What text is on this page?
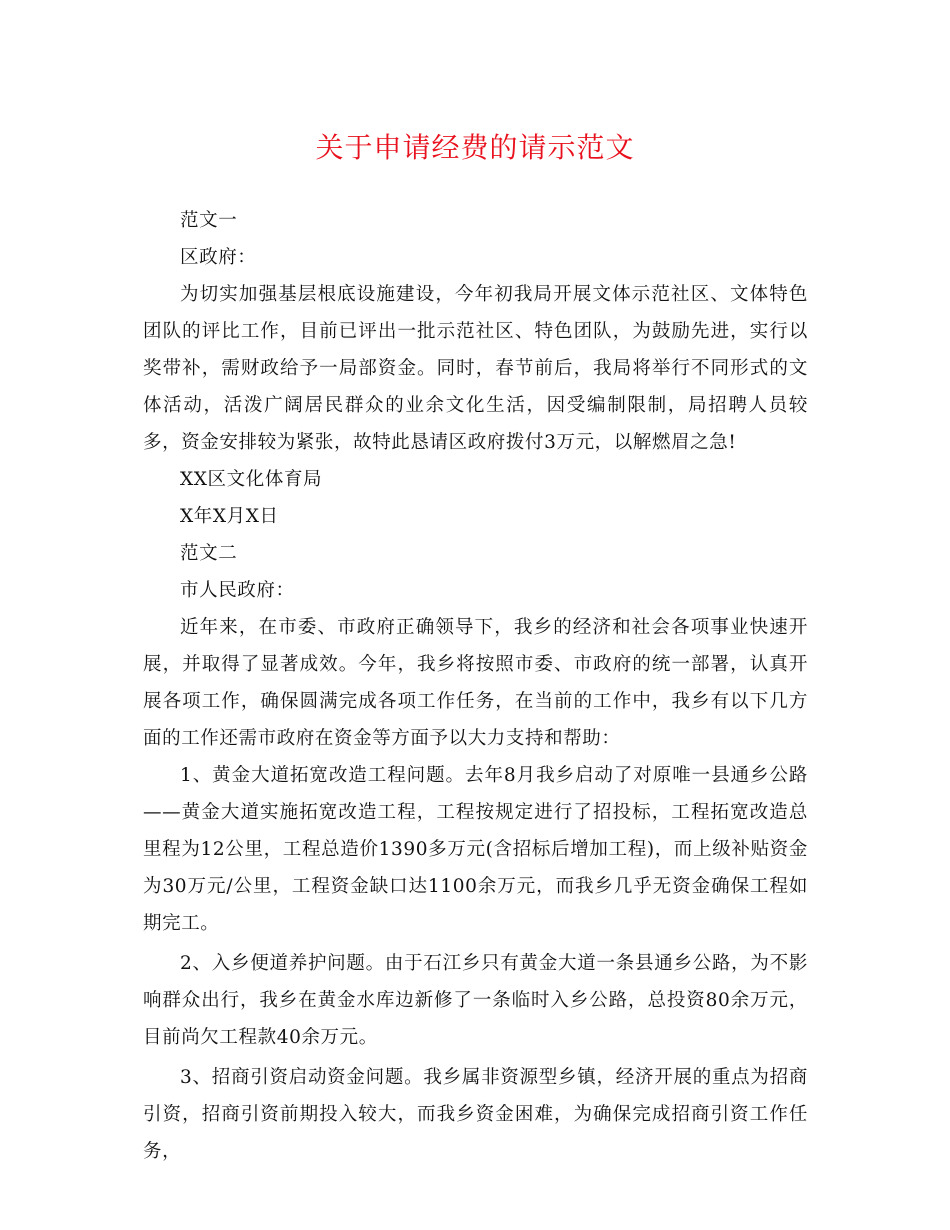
关于申请经费的请示范文

范文一

区政府：

为切实加强基层根底设施建设，今年初我局开展文体示范社区、文体特色团队的评比工作，目前已评出一批示范社区、特色团队，为鼓励先进，实行以奖带补，需财政给予一局部资金。同时，春节前后，我局将举行不同形式的文体活动，活泼广阔居民群众的业余文化生活，因受编制限制，局招聘人员较多，资金安排较为紧张，故特此恳请区政府拨付3万元，以解燃眉之急!

XX区文化体育局

X年X月X日

范文二

市人民政府：

近年来，在市委、市政府正确领导下，我乡的经济和社会各项事业快速开展，并取得了显著成效。今年，我乡将按照市委、市政府的统一部署，认真开展各项工作，确保圆满完成各项工作任务，在当前的工作中，我乡有以下几方面的工作还需市政府在资金等方面予以大力支持和帮助：

1、黄金大道拓宽改造工程问题。去年8月我乡启动了对原唯一县通乡公路——黄金大道实施拓宽改造工程，工程按规定进行了招投标，工程拓宽改造总里程为12公里，工程总造价1390多万元(含招标后增加工程)，而上级补贴资金为30万元/公里，工程资金缺口达1100余万元，而我乡几乎无资金确保工程如期完工。

2、入乡便道养护问题。由于石江乡只有黄金大道一条县通乡公路，为不影响群众出行，我乡在黄金水库边新修了一条临时入乡公路，总投资80余万元，目前尚欠工程款40余万元。

3、招商引资启动资金问题。我乡属非资源型乡镇，经济开展的重点为招商引资，招商引资前期投入较大，而我乡资金困难，为确保完成招商引资工作任务，
